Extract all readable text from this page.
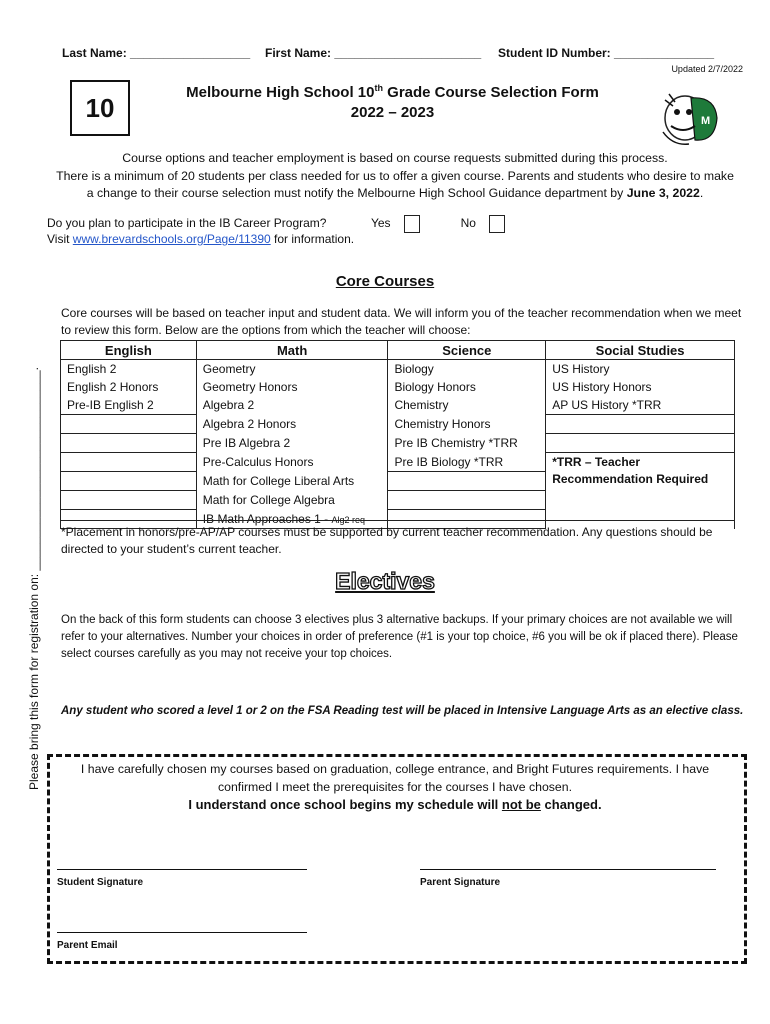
Last Name: __________________ First Name: ______________________ Student ID Number: _______________
Updated 2/7/2022
10	Melbourne High School 10th Grade Course Selection Form
2022 – 2023	M
Course options and teacher employment is based on course requests submitted during this process.
There is a minimum of 20 students per class needed for us to offer a given course. Parents and students who desire to make
a change to their course selection must notify the Melbourne High School Guidance department by June 3, 2022.
Do you plan to participate in the IB Career Program?	Yes	No
Visit www.brevardschools.org/Page/11390 for information.
Core Courses
Core courses will be based on teacher input and student data. We will inform you of the teacher recommendation when we meet to review this form. Below are the options from which the teacher will choose:
English	Math	Science	Social Studies
English 2	Geometry	Biology	US History
English 2 Honors	Geometry Honors	Biology Honors	US History Honors
Pre-IB English 2	Algebra 2	Chemistry	AP US History *TRR
	Algebra 2 Honors	Chemistry Honors	
	Pre IB Algebra 2	Pre IB Chemistry *TRR	
	Pre-Calculus Honors	Pre IB Biology *TRR	*TRR – Teacher
Recommendation Required

	Math for College Liberal Arts		
	Math for College Algebra		
	IB Math Approaches 1 - Alg2 req		
*Placement in honors/pre-AP/AP courses must be supported by current teacher recommendation. Any questions should be directed to your student’s current teacher.
Electives
On the back of this form students can choose 3 electives plus 3 alternative backups. If your primary choices are not available we will refer to your alternatives. Number your choices in order of preference (#1 is your top choice, #6 you will be ok if placed there). Please select courses carefully as you may not receive your top choices.
Any student who scored a level 1 or 2 on the FSA Reading test will be placed in Intensive Language Arts as an elective class.
Please bring this form for registration on: ______________________________.	I have carefully chosen my courses based on graduation, college entrance, and Bright Futures requirements. I have
confirmed I meet the prerequisites for the courses I have chosen.
I understand once school begins my schedule will not be changed.
Student Signature	Parent Signature
Parent Email
